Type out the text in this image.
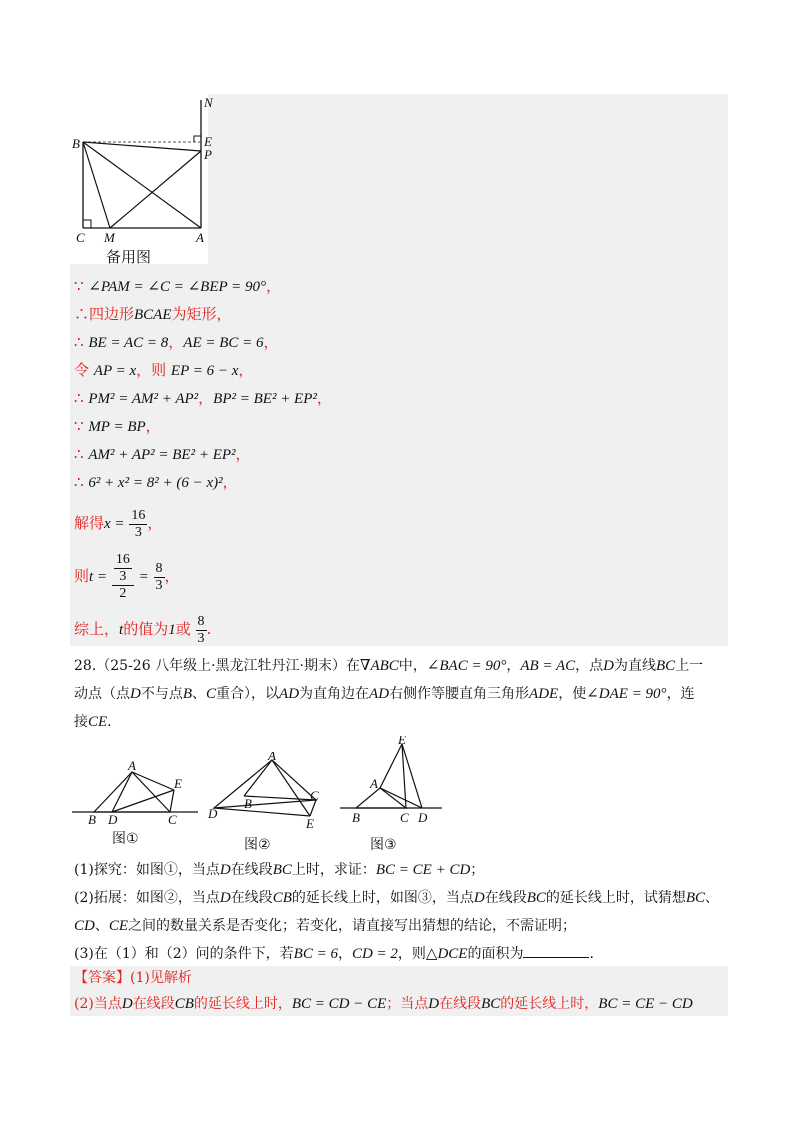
N
E
P
B
C M	A
备用图
∵ ∠PAM = ∠C = ∠BEP = 90°，
∴四边形BCAE为矩形，
∴ BE = AC = 8，AE = BC = 6，
令 AP = x，则 EP = 6 − x，
∴ PM² = AM² + AP²，BP² = BE² + EP²，
∵ MP = BP，
∴ AM² + AP² = BE² + EP²，
∴ 6² + x² = 8² + (6 − x)²，
解得$x = \frac{16}{3}$ ，
则$t = \frac{\frac{16}{3}}{2} = \frac{8}{3}$ ，
综上，t的值为1或 $\frac{8}{3}$ .
28.（25-26 八年级上·黑龙江牡丹江·期末）在∇ABC中，∠BAC = 90°，AB = AC，点D为直线BC上一
动点（点D不与点B、C重合），以AD为直角边在AD右侧作等腰直角三角形ADE，使∠DAE = 90°，连
接CE.
A
E
B D	C
图①
A
B
C
D
E
图②
E
A
B	C D
图③
(1)探究：如图①，当点D在线段BC上时，求证：BC = CE + CD；
(2)拓展：如图②，当点D在线段CB的延长线上时，如图③，当点D在线段BC的延长线上时，试猜想BC、
CD、CE之间的数量关系是否变化；若变化，请直接写出猜想的结论，不需证明；
(3)在（1）和（2）问的条件下，若BC = 6，CD = 2，则△DCE的面积为	.
【答案】(1)见解析
(2)当点D在线段CB的延长线上时，BC = CD − CE；当点D在线段BC的延长线上时，BC = CE − CD
